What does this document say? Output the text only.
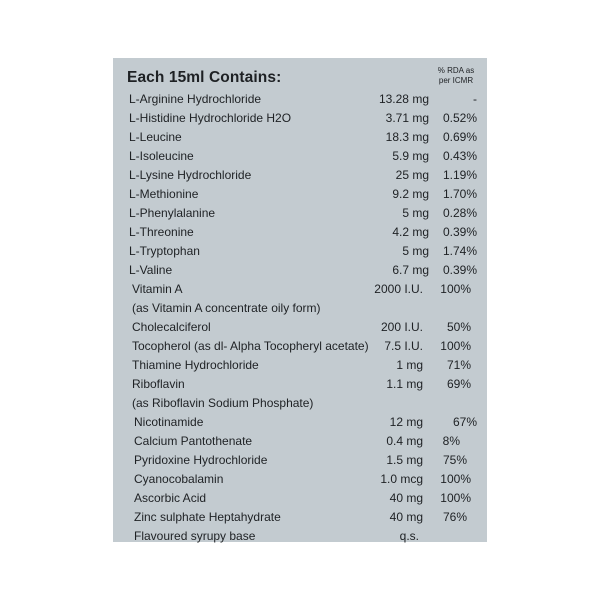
Each 15ml Contains:	% RDA as
per ICMR
L-Arginine Hydrochloride	13.28 mg	-
L-Histidine Hydrochloride H2O	3.71 mg 0.52%
L-Leucine	18.3 mg 0.69%
L-Isoleucine	5.9 mg 0.43%
L-Lysine Hydrochloride	25 mg 1.19%
L-Methionine	9.2 mg 1.70%
L-Phenylalanine	5 mg 0.28%
L-Threonine	4.2 mg 0.39%
L-Tryptophan	5 mg 1.74%
L-Valine	6.7 mg 0.39%
Vitamin A	2000 I.U. 100%
(as Vitamin A concentrate oily form)
Cholecalciferol	200 I.U. 50%
Tocopherol (as dl- Alpha Tocopheryl acetate) 7.5 I.U. 100%
Thiamine Hydrochloride	1 mg 71%
Riboflavin	1.1 mg 69%
(as Riboflavin Sodium Phosphate)
Nicotinamide	12 mg 67%
Calcium Pantothenate	0.4 mg 8%
Pyridoxine Hydrochloride	1.5 mg 75%
Cyanocobalamin	1.0 mcg 100%
Ascorbic Acid	40 mg 100%
Zinc sulphate Heptahydrate	40 mg 76%
Flavoured syrupy base	q.s.
